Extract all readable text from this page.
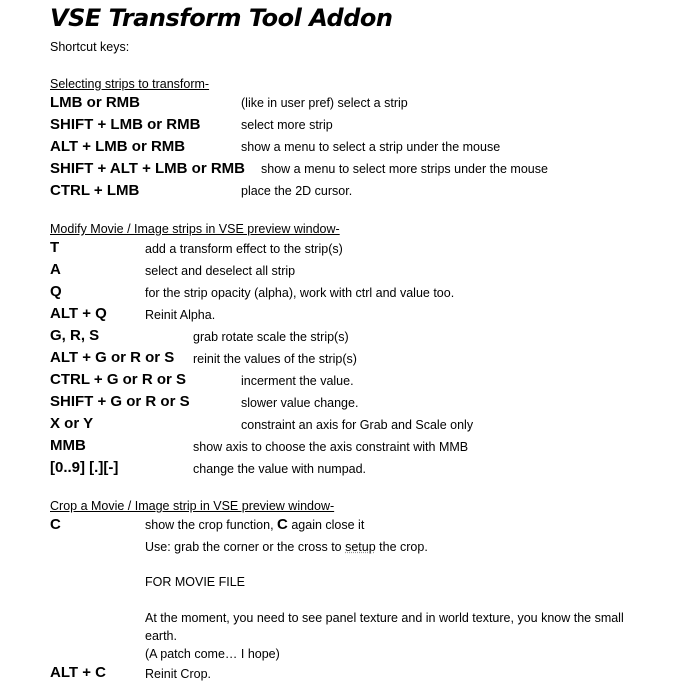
VSE Transform Tool Addon
Shortcut keys:
Selecting strips to transform-
LMB or RMB	(like in user pref) select a strip
SHIFT + LMB or RMB	select more strip
ALT + LMB or RMB	show a menu to select a strip under the mouse
SHIFT + ALT + LMB or RMB show a menu to select more strips under the mouse
CTRL + LMB	place the 2D cursor.
Modify Movie / Image strips in VSE preview window-
T	add a transform effect to the strip(s)
A	select and deselect all strip
Q	for the strip opacity (alpha), work with ctrl and value too.
ALT + Q	Reinit Alpha.
G, R, S	grab rotate scale the strip(s)
ALT + G or R or S reinit the values of the strip(s)
CTRL + G or R or S	incerment the value.
SHIFT + G or R or S	slower value change.
X or Y	constraint an axis for Grab and Scale only
MMB	show axis to choose the axis constraint with MMB
[0..9] [.][-]	change the value with numpad.
Crop a Movie / Image strip in VSE preview window-
C	show the crop function, C again close it
Use: grab the corner or the cross to setup the crop.
FOR MOVIE FILE
At the moment, you need to see panel texture and in world texture, you know the small
earth.
(A patch come… I hope)
ALT + C	Reinit Crop.
